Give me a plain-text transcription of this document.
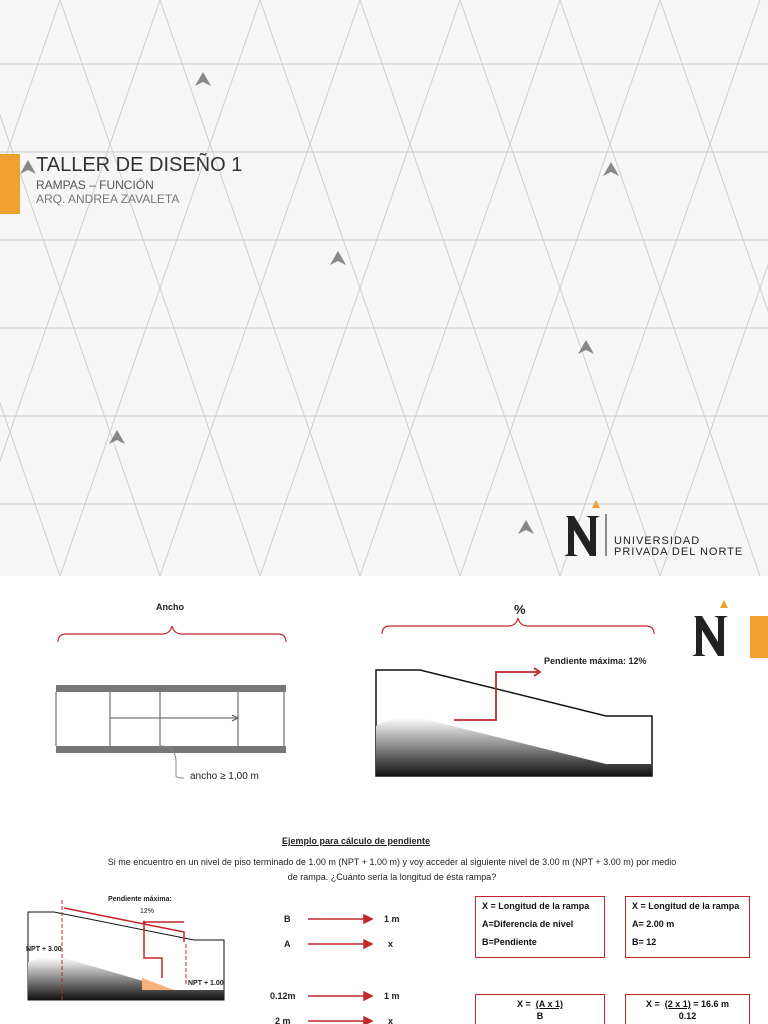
TALLER DE DISEÑO 1
RAMPAS – FUNCIÓN
ARQ. ANDREA ZAVALETA
UNIVERSIDAD
PRIVADA DEL NORTE
Ancho	%
ancho ≥ 1,00 m
Pendiente máxima: 12%
Ejemplo para cálculo de pendiente
Si me encuentro en un nivel de piso terminado de 1.00 m (NPT + 1.00 m) y voy acceder al siguiente nivel de 3.00 m (NPT + 3.00 m) por medio
de rampa. ¿Cuánto sería la longitud de ésta rampa?
Pendiente máxima:
12%
NPT + 3.00
NPT + 1.00
B	1 m
A	x
0.12m	1 m
2 m	x
X = Longitud de la rampa
A=Diferencia de nivel
B=Pendiente
X = Longitud de la rampa
A= 2.00 m
B= 12
X = (A x 1)
B
X = (2 x 1) = 16.6 m
0.12
